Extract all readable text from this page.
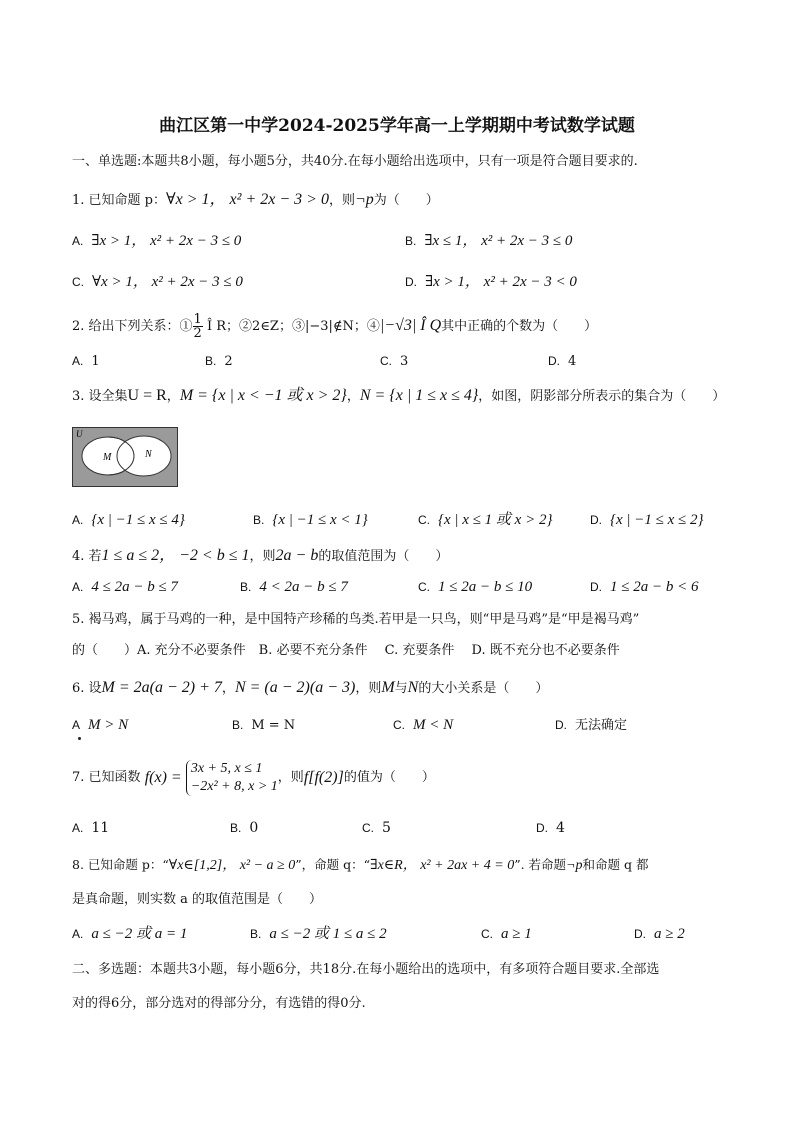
曲江区第一中学2024-2025学年高一上学期期中考试数学试题
一、单选题:本题共8小题，每小题5分，共40分.在每小题给出选项中，只有一项是符合题目要求的.
1. 已知命题 p：∀x > 1， x² + 2x − 3 > 0，则¬p为（　　）
A. ∃x > 1， x² + 2x − 3 ≤ 0	B. ∃x ≤ 1， x² + 2x − 3 ≤ 0
C. ∀x > 1， x² + 2x − 3 ≤ 0	D. ∃x > 1， x² + 2x − 3 < 0
2. 给出下列关系：① $\frac{1}{2}$ Î R；②2∈Z；③|−3|∉N；④|−√3| Î Q其中正确的个数为（　　）
A. 1	B. 2	C. 3	D. 4
3. 设全集U = R，M = {x | x < −1 或 x > 2}，N = {x | 1 ≤ x ≤ 4}，如图，阴影部分所表示的集合为（　　）
U
M	N
A. {x | −1 ≤ x ≤ 4}	B. {x | −1 ≤ x < 1}	C. {x | x ≤ 1 或 x > 2}	D. {x | −1 ≤ x ≤ 2}
4. 若1 ≤ a ≤ 2， −2 < b ≤ 1，则2a − b的取值范围为（　　）
A. 4 ≤ 2a − b ≤ 7	B. 4 < 2a − b ≤ 7	C. 1 ≤ 2a − b ≤ 10	D. 1 ≤ 2a − b < 6
5. 褐马鸡，属于马鸡的一种，是中国特产珍稀的鸟类.若甲是一只鸟，则“甲是马鸡”是“甲是褐马鸡”
的（　　）A. 充分不必要条件　B. 必要不充分条件　 C. 充要条件　 D. 既不充分也不必要条件
6. 设M = 2a(a − 2) + 7，N = (a − 2)(a − 3)，则M与N的大小关系是（　　）
A M > N	B. M = N	C. M < N	D. 无法确定
7. 已知函数 f(x) =
3x + 5, x ≤ 1
−2x² + 8, x > 1
，则f[f(2)]的值为（　　）
A. 11	B. 0	C. 5	D. 4
8. 已知命题 p：“∀x∈[1,2]， x² − a ≥ 0”，命题 q：“∃x∈R， x² + 2ax + 4 = 0”. 若命题¬p和命题 q 都
是真命题，则实数 a 的取值范围是（　　）
A. a ≤ −2 或 a = 1	B. a ≤ −2 或 1 ≤ a ≤ 2	C. a ≥ 1	D. a ≥ 2
二、多选题：本题共3小题，每小题6分，共18分.在每小题给出的选项中，有多项符合题目要求.全部选
对的得6分，部分选对的得部分分，有选错的得0分.
